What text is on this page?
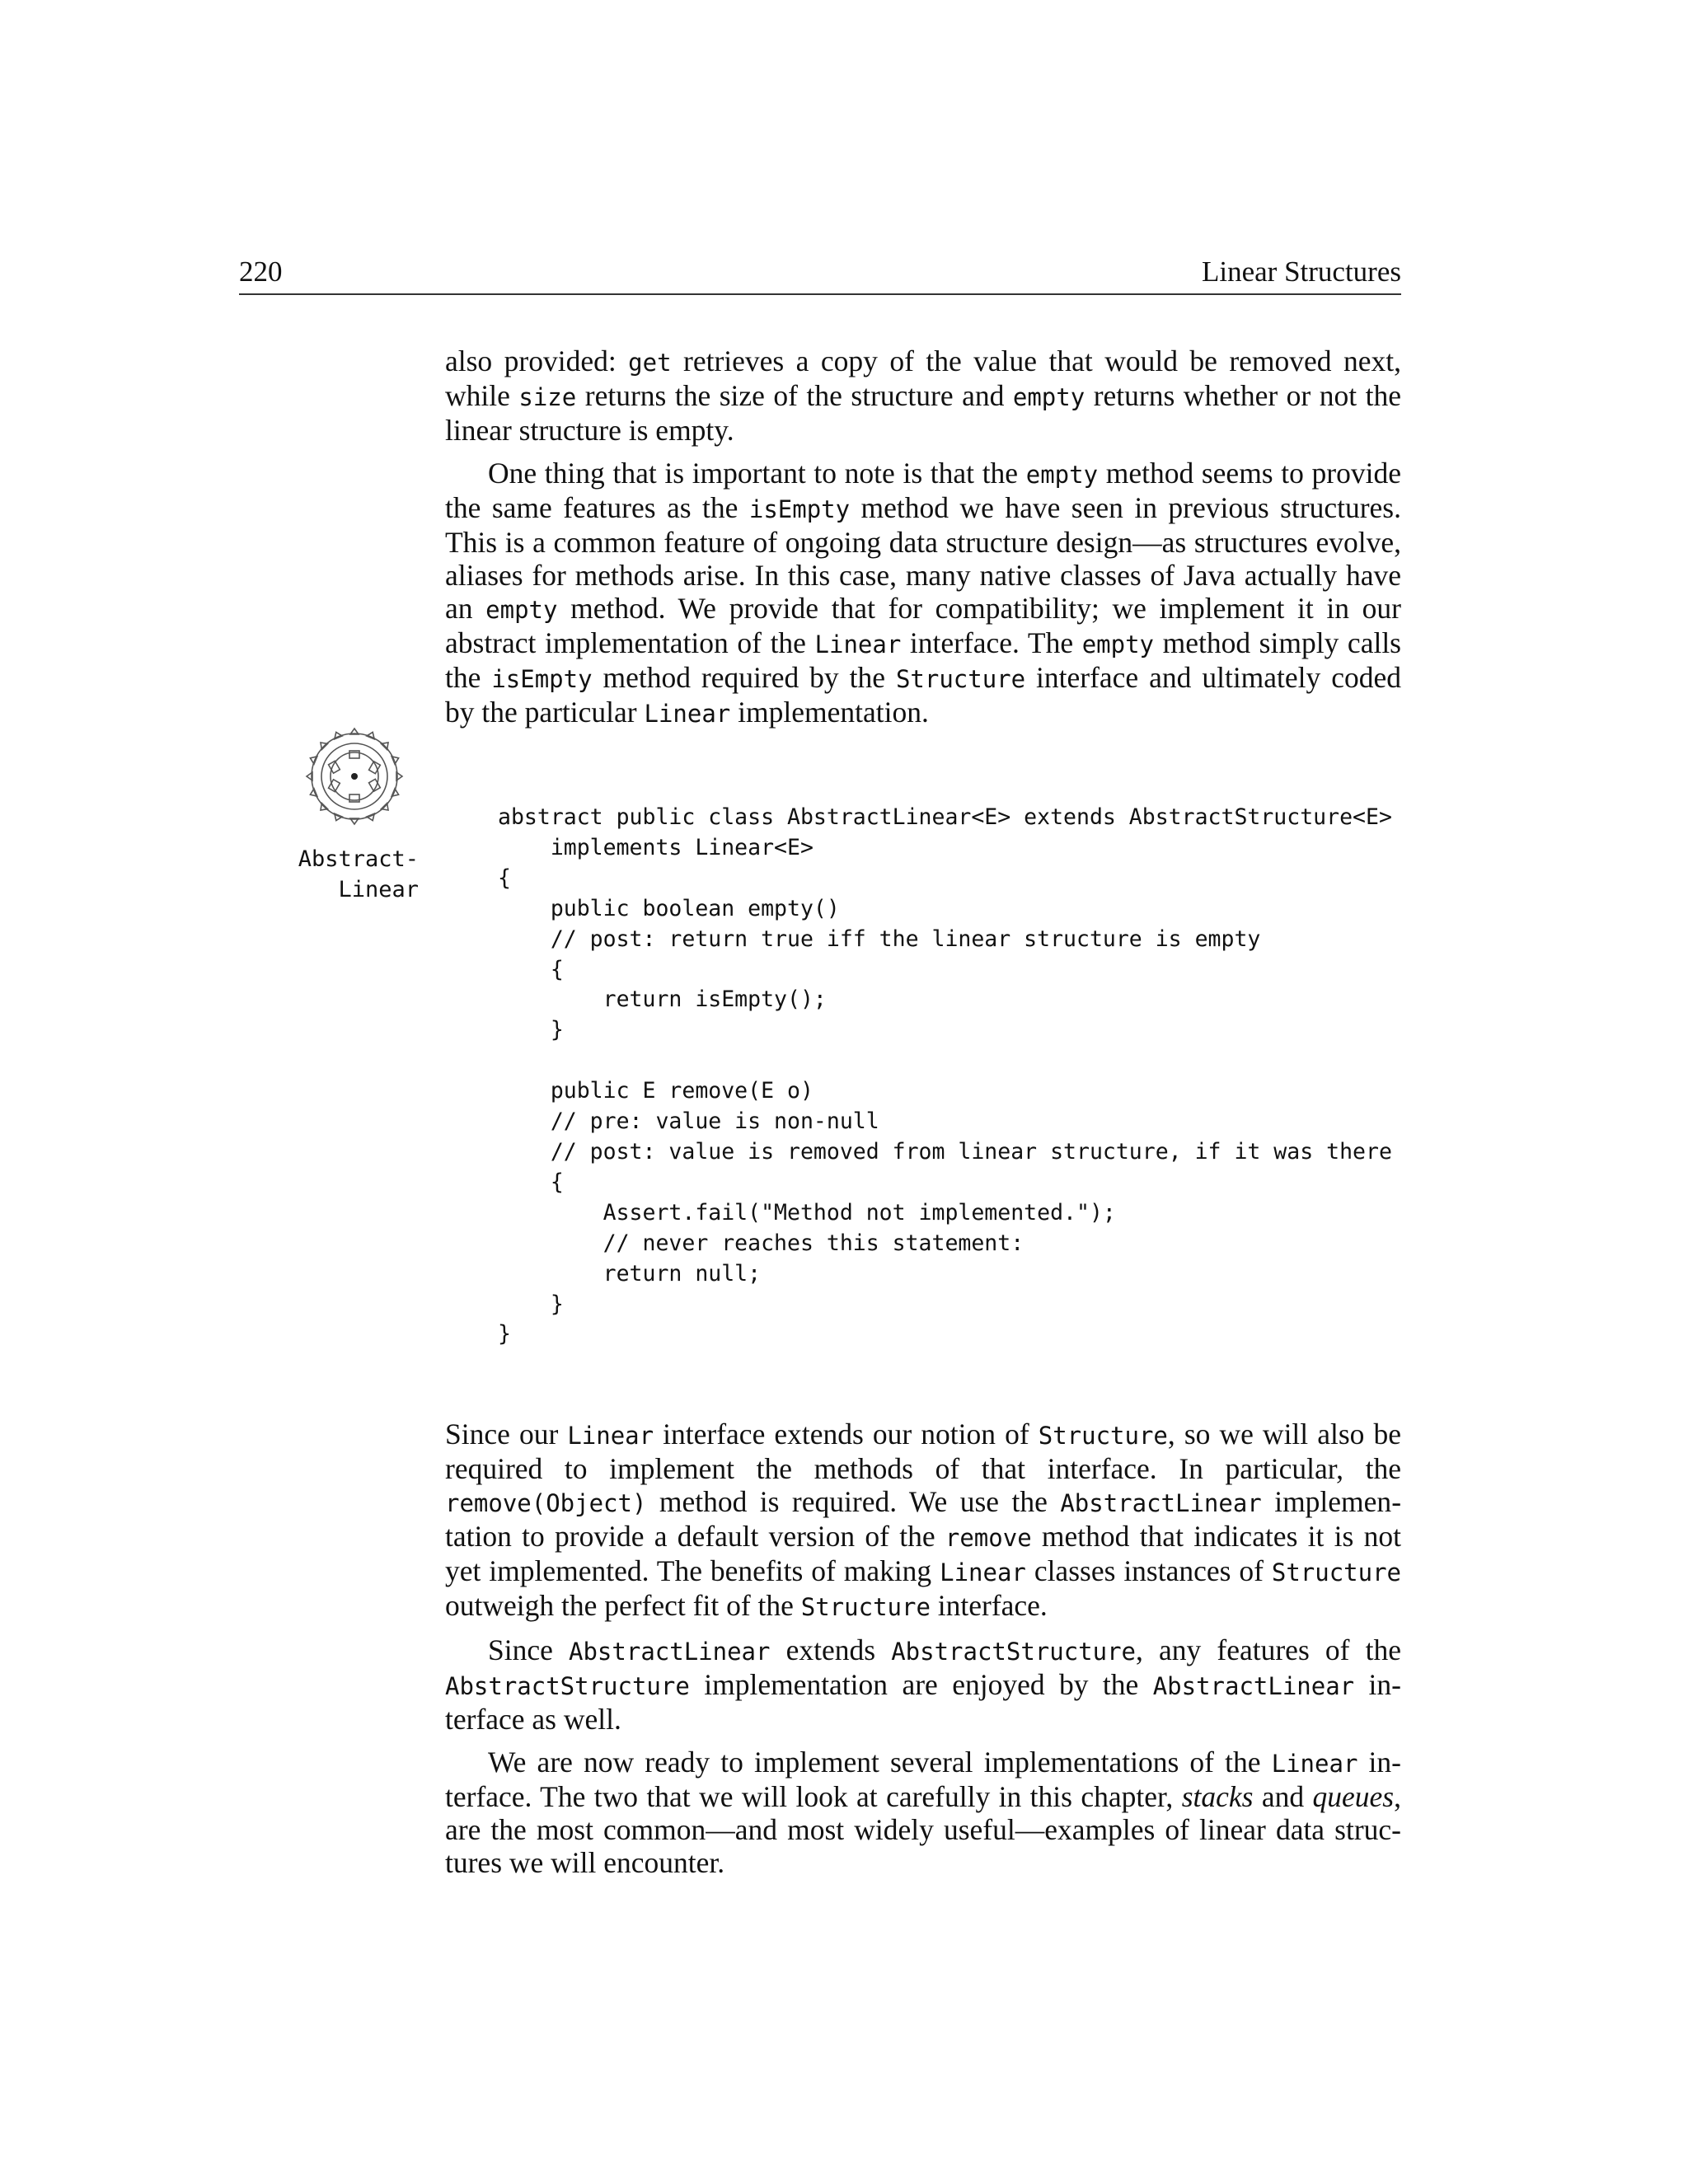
220	Linear Structures

also provided: get retrieves a copy of the value that would be removed next, while size returns the size of the structure and empty returns whether or not the linear structure is empty.

One thing that is important to note is that the empty method seems to provide the same features as the isEmpty method we have seen in previous structures. This is a common feature of ongoing data structure design—as structures evolve, aliases for methods arise. In this case, many native classes of Java actually have an empty method. We provide that for compatibility; we implement it in our abstract implementation of the Linear interface. The empty method simply calls the isEmpty method required by the Structure interface and ultimately coded by the particular Linear implementation.

Abstract-
Linear
abstract public class AbstractLinear<E> extends AbstractStructure<E>
implements Linear<E>
{
public boolean empty()
// post: return true iff the linear structure is empty
{
return isEmpty();
}

public E remove(E o)
// pre: value is non-null
// post: value is removed from linear structure, if it was there
{
Assert.fail("Method not implemented.");
// never reaches this statement:
return null;
}
}

Since our Linear interface extends our notion of Structure, so we will also be required to implement the methods of that interface. In particular, the remove(Object) method is required. We use the AbstractLinear implementation to provide a default version of the remove method that indicates it is not yet implemented. The benefits of making Linear classes instances of Structure outweigh the perfect fit of the Structure interface.

Since AbstractLinear extends AbstractStructure, any features of the AbstractStructure implementation are enjoyed by the AbstractLinear interface as well.

We are now ready to implement several implementations of the Linear interface. The two that we will look at carefully in this chapter, stacks and queues, are the most common—and most widely useful—examples of linear data structures we will encounter.
